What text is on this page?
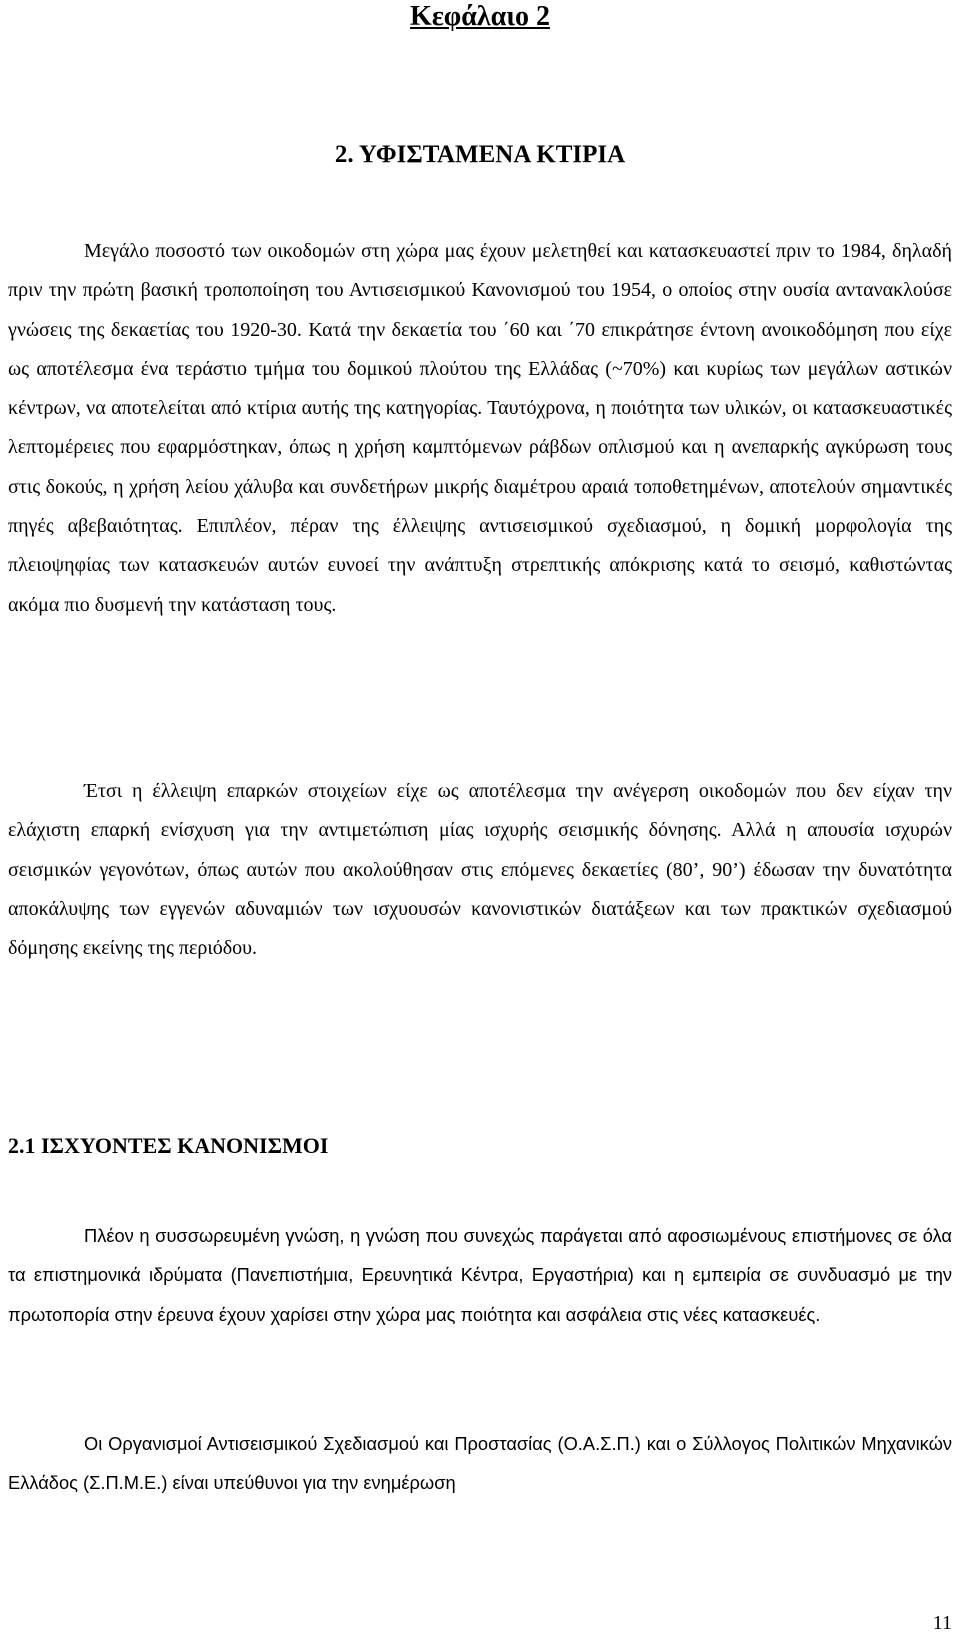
Κεφάλαιο 2
2. ΥΦΙΣΤΑΜΕΝΑ ΚΤΙΡΙΑ

Μεγάλο ποσοστό των οικοδομών στη χώρα μας έχουν μελετηθεί και κατασκευαστεί πριν το 1984, δηλαδή πριν την πρώτη βασική τροποποίηση του Αντισεισμικού Κανονισμού του 1954, ο οποίος στην ουσία αντανακλούσε γνώσεις της δεκαετίας του 1920-30. Κατά την δεκαετία του ΄60 και ΄70 επικράτησε έντονη ανοικοδόμηση που είχε ως αποτέλεσμα ένα τεράστιο τμήμα του δομικού πλούτου της Ελλάδας (~70%) και κυρίως των μεγάλων αστικών κέντρων, να αποτελείται από κτίρια αυτής της κατηγορίας. Ταυτόχρονα, η ποιότητα των υλικών, οι κατασκευαστικές λεπτομέρειες που εφαρμόστηκαν, όπως η χρήση καμπτόμενων ράβδων οπλισμού και η ανεπαρκής αγκύρωση τους στις δοκούς, η χρήση λείου χάλυβα και συνδετήρων μικρής διαμέτρου αραιά τοποθετημένων, αποτελούν σημαντικές πηγές αβεβαιότητας. Επιπλέον, πέραν της έλλειψης αντισεισμικού σχεδιασμού, η δομική μορφολογία της πλειοψηφίας των κατασκευών αυτών ευνοεί την ανάπτυξη στρεπτικής απόκρισης κατά το σεισμό, καθιστώντας ακόμα πιο δυσμενή την κατάσταση τους.

Έτσι η έλλειψη επαρκών στοιχείων είχε ως αποτέλεσμα την ανέγερση οικοδομών που δεν είχαν την ελάχιστη επαρκή ενίσχυση για την αντιμετώπιση μίας ισχυρής σεισμικής δόνησης. Αλλά η απουσία ισχυρών σεισμικών γεγονότων, όπως αυτών που ακολούθησαν στις επόμενες δεκαετίες (80’, 90’) έδωσαν την δυνατότητα αποκάλυψης των εγγενών αδυναμιών των ισχυουσών κανονιστικών διατάξεων και των πρακτικών σχεδιασμού δόμησης εκείνης της περιόδου.

2.1 ΙΣΧΥΟΝΤΕΣ ΚΑΝΟΝΙΣΜΟΙ

Πλέον η συσσωρευμένη γνώση, η γνώση που συνεχώς παράγεται από αφοσιωμένους επιστήμονες σε όλα τα επιστημονικά ιδρύματα (Πανεπιστήμια, Ερευνητικά Κέντρα, Εργαστήρια) και η εμπειρία σε συνδυασμό με την πρωτοπορία στην έρευνα έχουν χαρίσει στην χώρα μας ποιότητα και ασφάλεια στις νέες κατασκευές.

Οι Οργανισμοί Αντισεισμικού Σχεδιασμού και Προστασίας (Ο.Α.Σ.Π.) και ο Σύλλογος Πολιτικών Μηχανικών Ελλάδος (Σ.Π.Μ.Ε.) είναι υπεύθυνοι για την ενημέρωση

11
